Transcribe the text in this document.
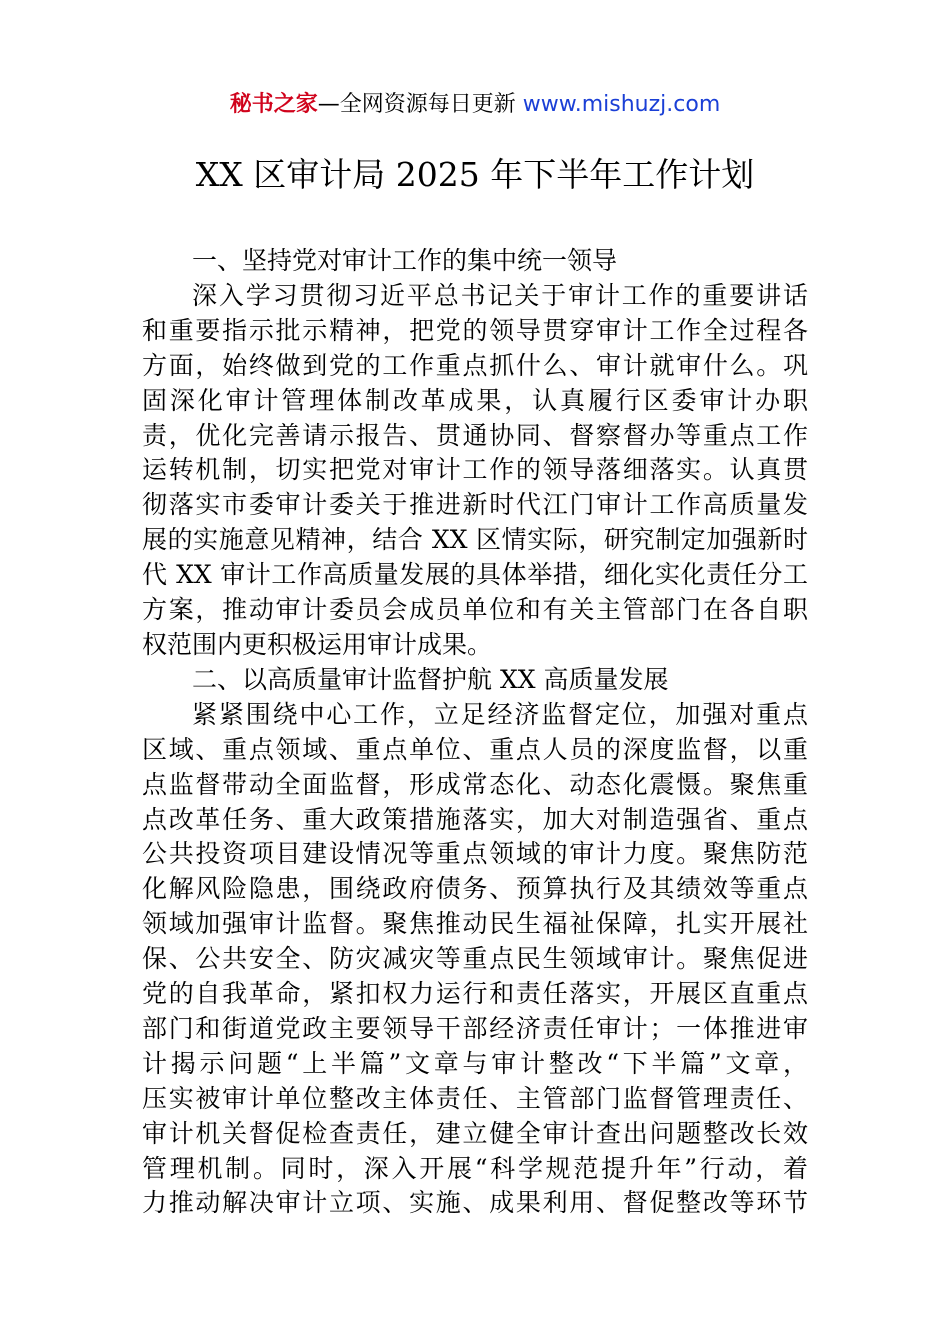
秘书之家—全网资源每日更新 www.mishuzj.com
XX 区审计局 2025 年下半年工作计划
一、坚持党对审计工作的集中统一领导
深入学习贯彻习近平总书记关于审计工作的重要讲话
和重要指示批示精神，把党的领导贯穿审计工作全过程各
方面，始终做到党的工作重点抓什么、审计就审什么。巩
固深化审计管理体制改革成果，认真履行区委审计办职
责，优化完善请示报告、贯通协同、督察督办等重点工作
运转机制，切实把党对审计工作的领导落细落实。认真贯
彻落实市委审计委关于推进新时代江门审计工作高质量发
展的实施意见精神，结合 XX 区情实际，研究制定加强新时
代 XX 审计工作高质量发展的具体举措，细化实化责任分工
方案，推动审计委员会成员单位和有关主管部门在各自职
权范围内更积极运用审计成果。
二、以高质量审计监督护航 XX 高质量发展
紧紧围绕中心工作，立足经济监督定位，加强对重点
区域、重点领域、重点单位、重点人员的深度监督，以重
点监督带动全面监督，形成常态化、动态化震慑。聚焦重
点改革任务、重大政策措施落实，加大对制造强省、重点
公共投资项目建设情况等重点领域的审计力度。聚焦防范
化解风险隐患，围绕政府债务、预算执行及其绩效等重点
领域加强审计监督。聚焦推动民生福祉保障，扎实开展社
保、公共安全、防灾减灾等重点民生领域审计。聚焦促进
党的自我革命，紧扣权力运行和责任落实，开展区直重点
部门和街道党政主要领导干部经济责任审计；一体推进审
计揭示问题“上半篇”文章与审计整改“下半篇”文章，
压实被审计单位整改主体责任、主管部门监督管理责任、
审计机关督促检查责任，建立健全审计查出问题整改长效
管理机制。同时，深入开展“科学规范提升年”行动，着
力推动解决审计立项、实施、成果利用、督促整改等环节
